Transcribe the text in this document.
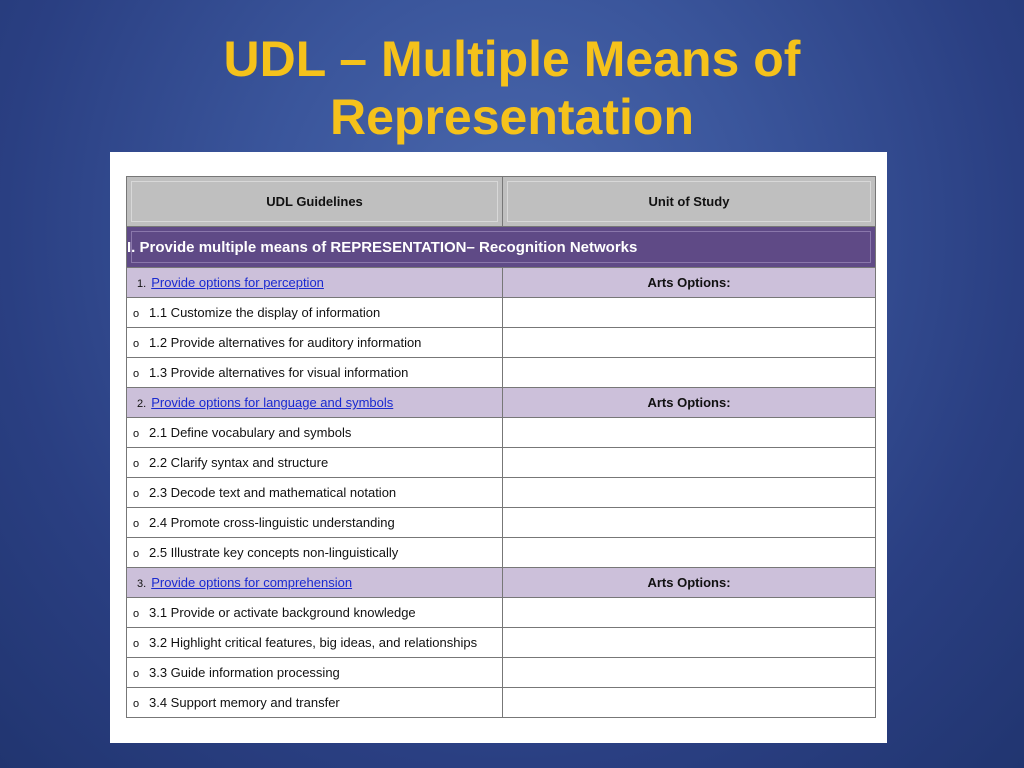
UDL – Multiple Means of
Representation
UDL Guidelines	Unit of Study
I. Provide multiple means of REPRESENTATION– Recognition Networks	
1. Provide options for perception	Arts Options:
o 1.1 Customize the display of information	
o 1.2 Provide alternatives for auditory information	
o 1.3 Provide alternatives for visual information	
2. Provide options for language and symbols	Arts Options:
o 2.1 Define vocabulary and symbols	
o 2.2 Clarify syntax and structure	
o 2.3 Decode text and mathematical notation	
o 2.4 Promote cross-linguistic understanding	
o 2.5 Illustrate key concepts non-linguistically	
3. Provide options for comprehension	Arts Options:
o 3.1 Provide or activate background knowledge	
o 3.2 Highlight critical features, big ideas, and relationships	
o 3.3 Guide information processing	
o 3.4 Support memory and transfer	
